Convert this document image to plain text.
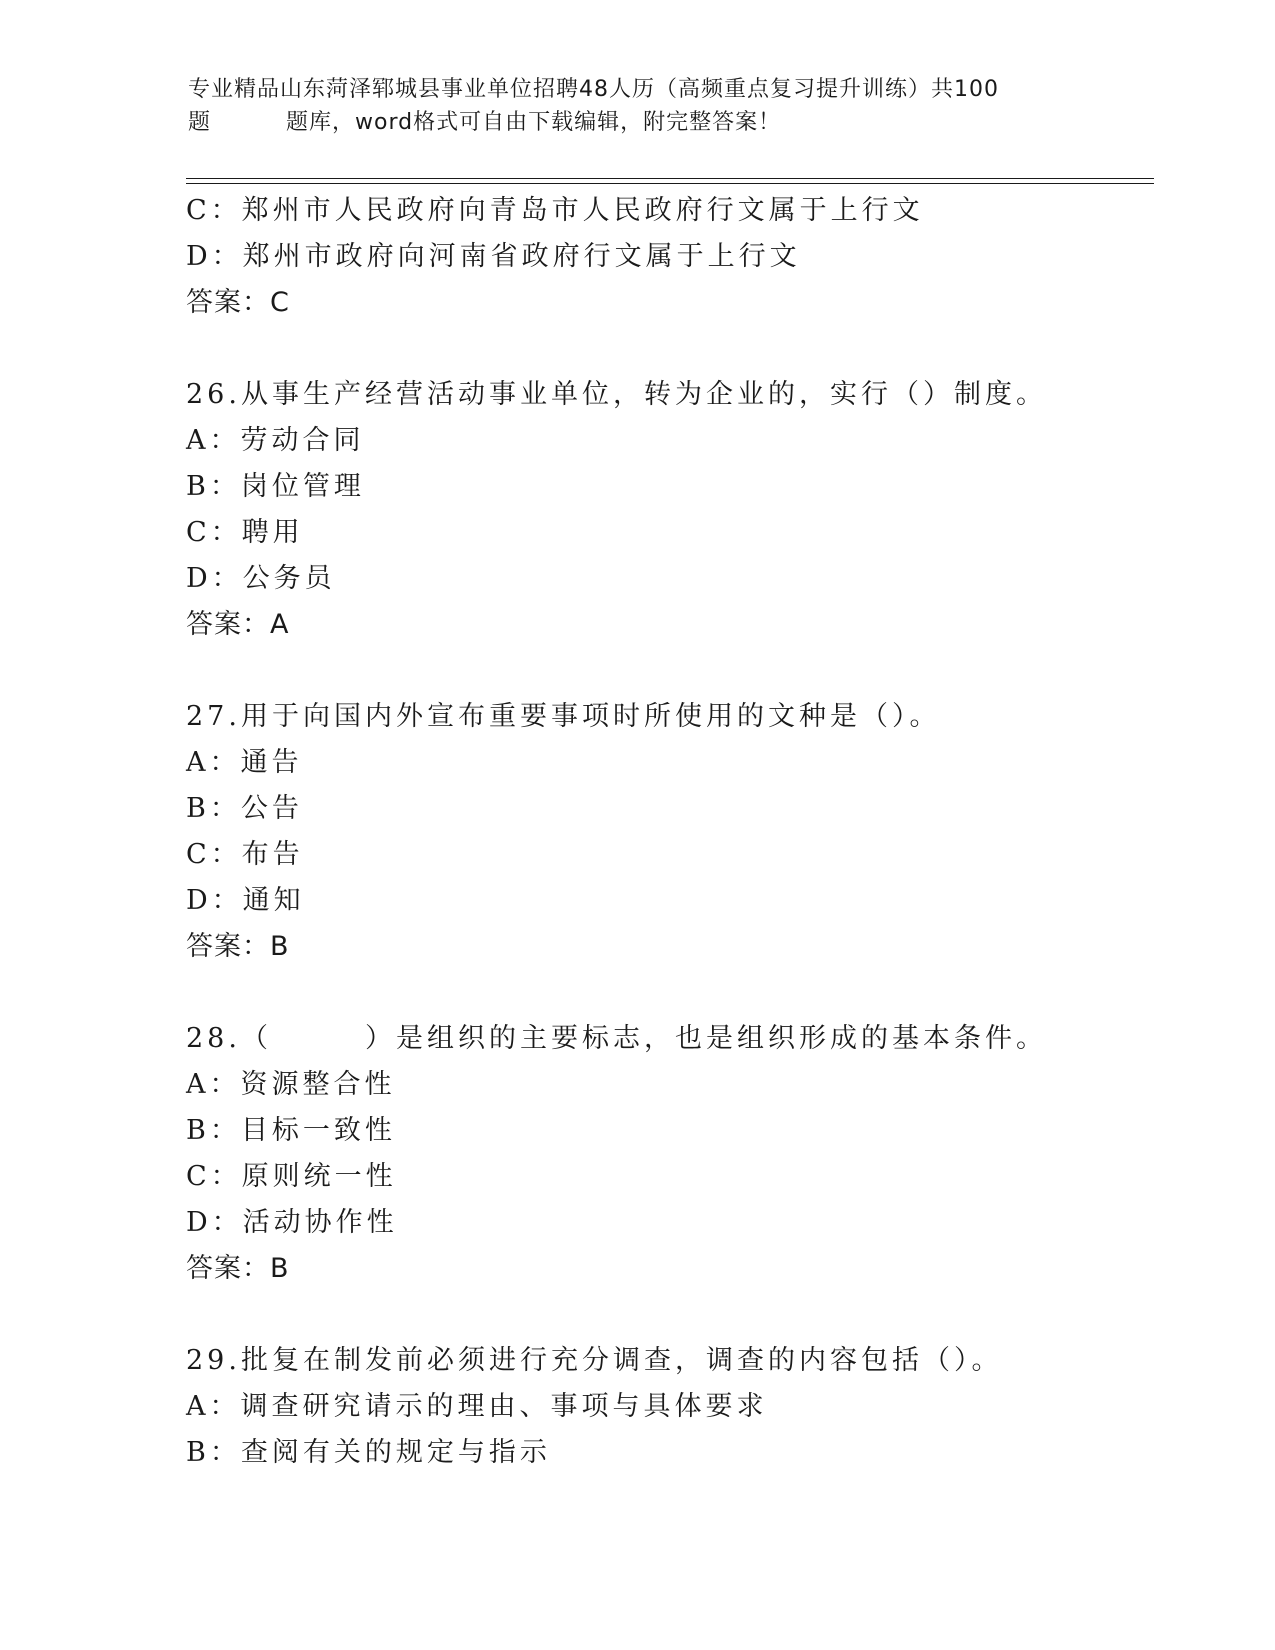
专业精品山东菏泽郓城县事业单位招聘48人历（高频重点复习提升训练）共100
题	题库，word格式可自由下载编辑，附完整答案！
C：郑州市人民政府向青岛市人民政府行文属于上行文
D：郑州市政府向河南省政府行文属于上行文
答案：C
26.从事生产经营活动事业单位，转为企业的，实行（）制度。
A：劳动合同
B：岗位管理
C：聘用
D：公务员
答案：A
27.用于向国内外宣布重要事项时所使用的文种是（）。
A：通告
B：公告
C：布告
D：通知
答案：B
28.（　　　）是组织的主要标志，也是组织形成的基本条件。
A：资源整合性
B：目标一致性
C：原则统一性
D：活动协作性
答案：B
29.批复在制发前必须进行充分调查，调查的内容包括（）。
A：调查研究请示的理由、事项与具体要求
B：查阅有关的规定与指示
